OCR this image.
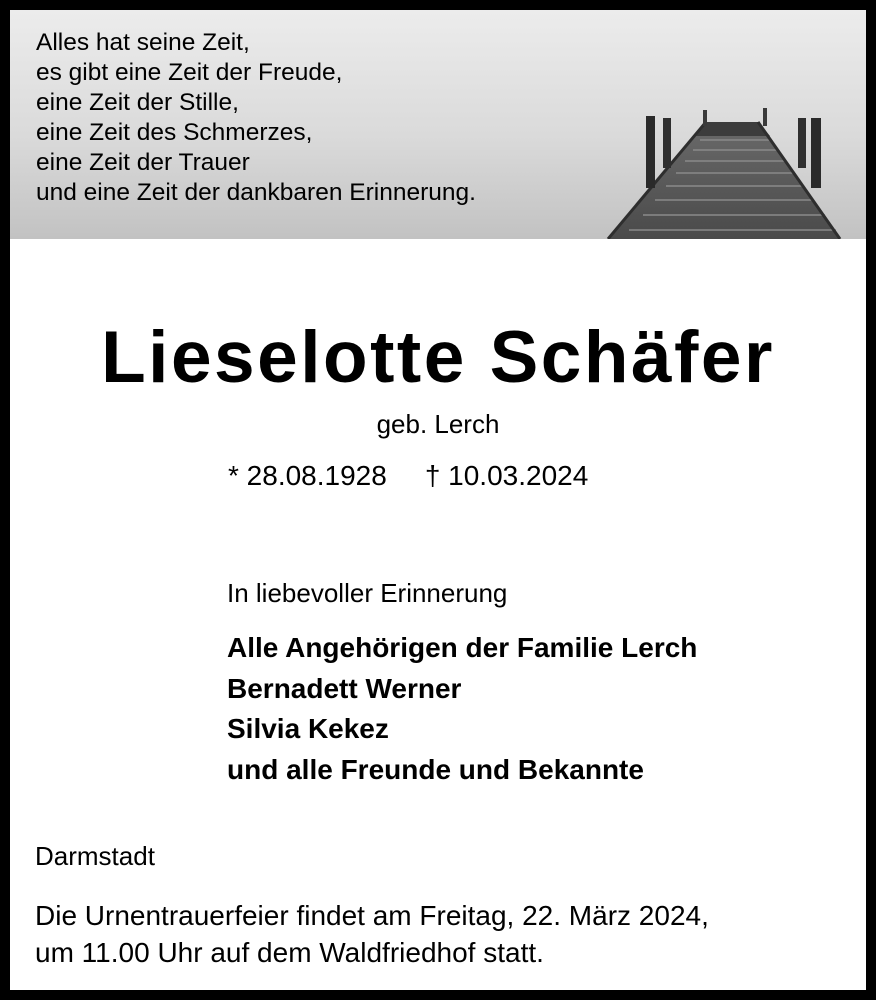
Alles hat seine Zeit,
es gibt eine Zeit der Freude,
eine Zeit der Stille,
eine Zeit des Schmerzes,
eine Zeit der Trauer
und eine Zeit der dankbaren Erinnerung.
Lieselotte Schäfer
geb. Lerch
* 28.08.1928 † 10.03.2024
In liebevoller Erinnerung
Alle Angehörigen der Familie Lerch
Bernadett Werner
Silvia Kekez
und alle Freunde und Bekannte
Darmstadt
Die Urnentrauerfeier findet am Freitag, 22. März 2024,
um 11.00 Uhr auf dem Waldfriedhof statt.
